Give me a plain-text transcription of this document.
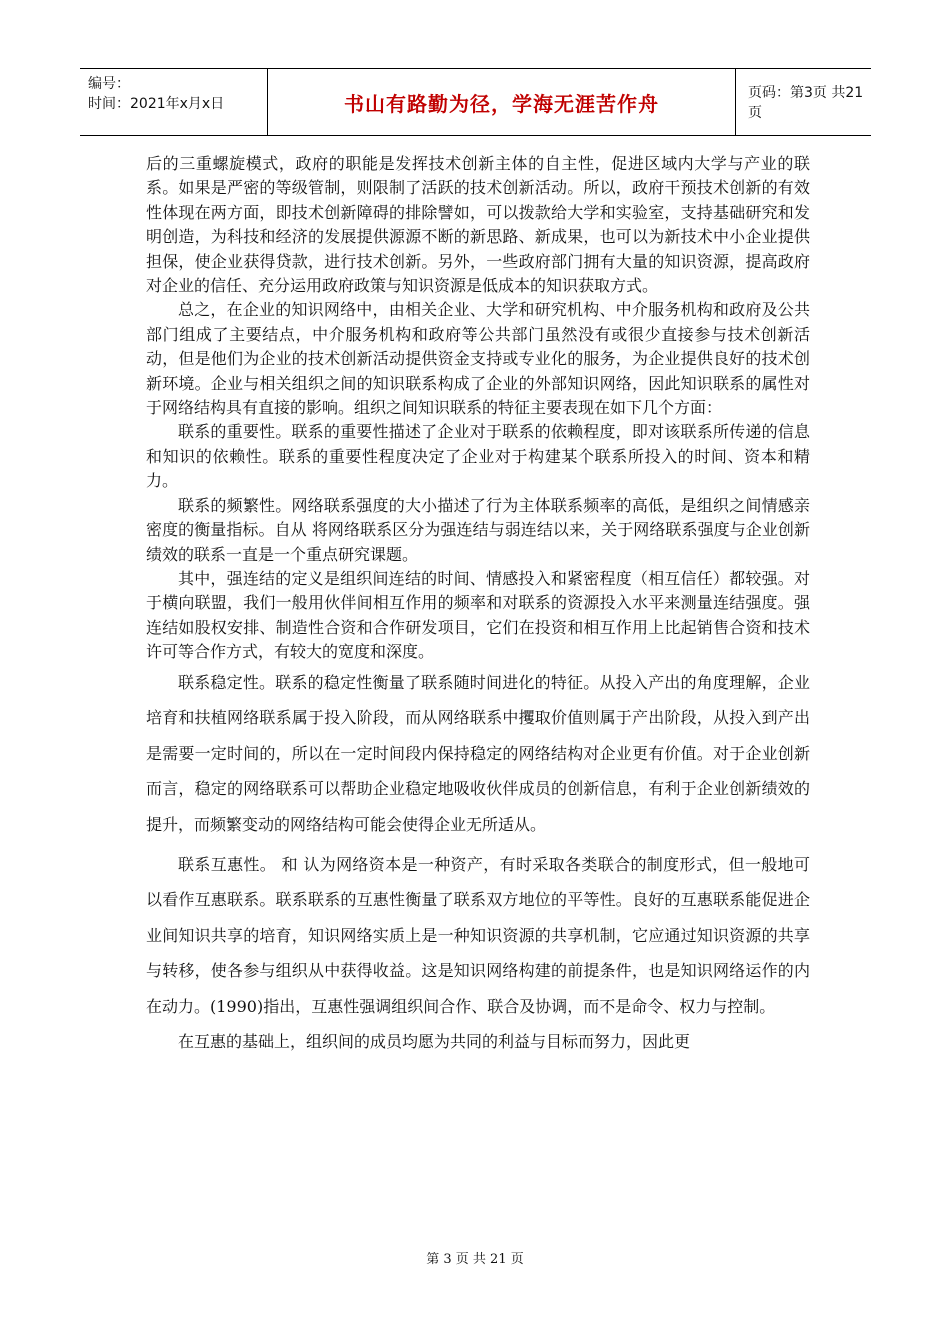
编号：
时间：2021年x月x日	书山有路勤为径，学海无涯苦作舟	页码：第3页 共21页

后的三重螺旋模式，政府的职能是发挥技术创新主体的自主性，促进区域内大学与产业的联系。如果是严密的等级管制，则限制了活跃的技术创新活动。所以，政府干预技术创新的有效性体现在两方面，即技术创新障碍的排除譬如，可以拨款给大学和实验室，支持基础研究和发明创造，为科技和经济的发展提供源源不断的新思路、新成果，也可以为新技术中小企业提供担保，使企业获得贷款，进行技术创新。另外，一些政府部门拥有大量的知识资源，提高政府对企业的信任、充分运用政府政策与知识资源是低成本的知识获取方式。

总之，在企业的知识网络中，由相关企业、大学和研究机构、中介服务机构和政府及公共部门组成了主要结点，中介服务机构和政府等公共部门虽然没有或很少直接参与技术创新活动，但是他们为企业的技术创新活动提供资金支持或专业化的服务，为企业提供良好的技术创新环境。企业与相关组织之间的知识联系构成了企业的外部知识网络，因此知识联系的属性对于网络结构具有直接的影响。组织之间知识联系的特征主要表现在如下几个方面：

联系的重要性。联系的重要性描述了企业对于联系的依赖程度，即对该联系所传递的信息和知识的依赖性。联系的重要性程度决定了企业对于构建某个联系所投入的时间、资本和精力。

联系的频繁性。网络联系强度的大小描述了行为主体联系频率的高低，是组织之间情感亲密度的衡量指标。自从 将网络联系区分为强连结与弱连结以来，关于网络联系强度与企业创新绩效的联系一直是一个重点研究课题。

其中，强连结的定义是组织间连结的时间、情感投入和紧密程度（相互信任）都较强。对于横向联盟，我们一般用伙伴间相互作用的频率和对联系的资源投入水平来测量连结强度。强连结如股权安排、制造性合资和合作研发项目，它们在投资和相互作用上比起销售合资和技术许可等合作方式，有较大的宽度和深度。

联系稳定性。联系的稳定性衡量了联系随时间进化的特征。从投入产出的角度理解，企业培育和扶植网络联系属于投入阶段，而从网络联系中攫取价值则属于产出阶段，从投入到产出是需要一定时间的，所以在一定时间段内保持稳定的网络结构对企业更有价值。对于企业创新而言，稳定的网络联系可以帮助企业稳定地吸收伙伴成员的创新信息，有利于企业创新绩效的提升，而频繁变动的网络结构可能会使得企业无所适从。

联系互惠性。 和 认为网络资本是一种资产，有时采取各类联合的制度形式，但一般地可以看作互惠联系。联系联系的互惠性衡量了联系双方地位的平等性。良好的互惠联系能促进企业间知识共享的培育，知识网络实质上是一种知识资源的共享机制，它应通过知识资源的共享与转移，使各参与组织从中获得收益。这是知识网络构建的前提条件，也是知识网络运作的内在动力。(1990)指出，互惠性强调组织间合作、联合及协调，而不是命令、权力与控制。

在互惠的基础上，组织间的成员均愿为共同的利益与目标而努力，因此更

第 3 页 共 21 页
